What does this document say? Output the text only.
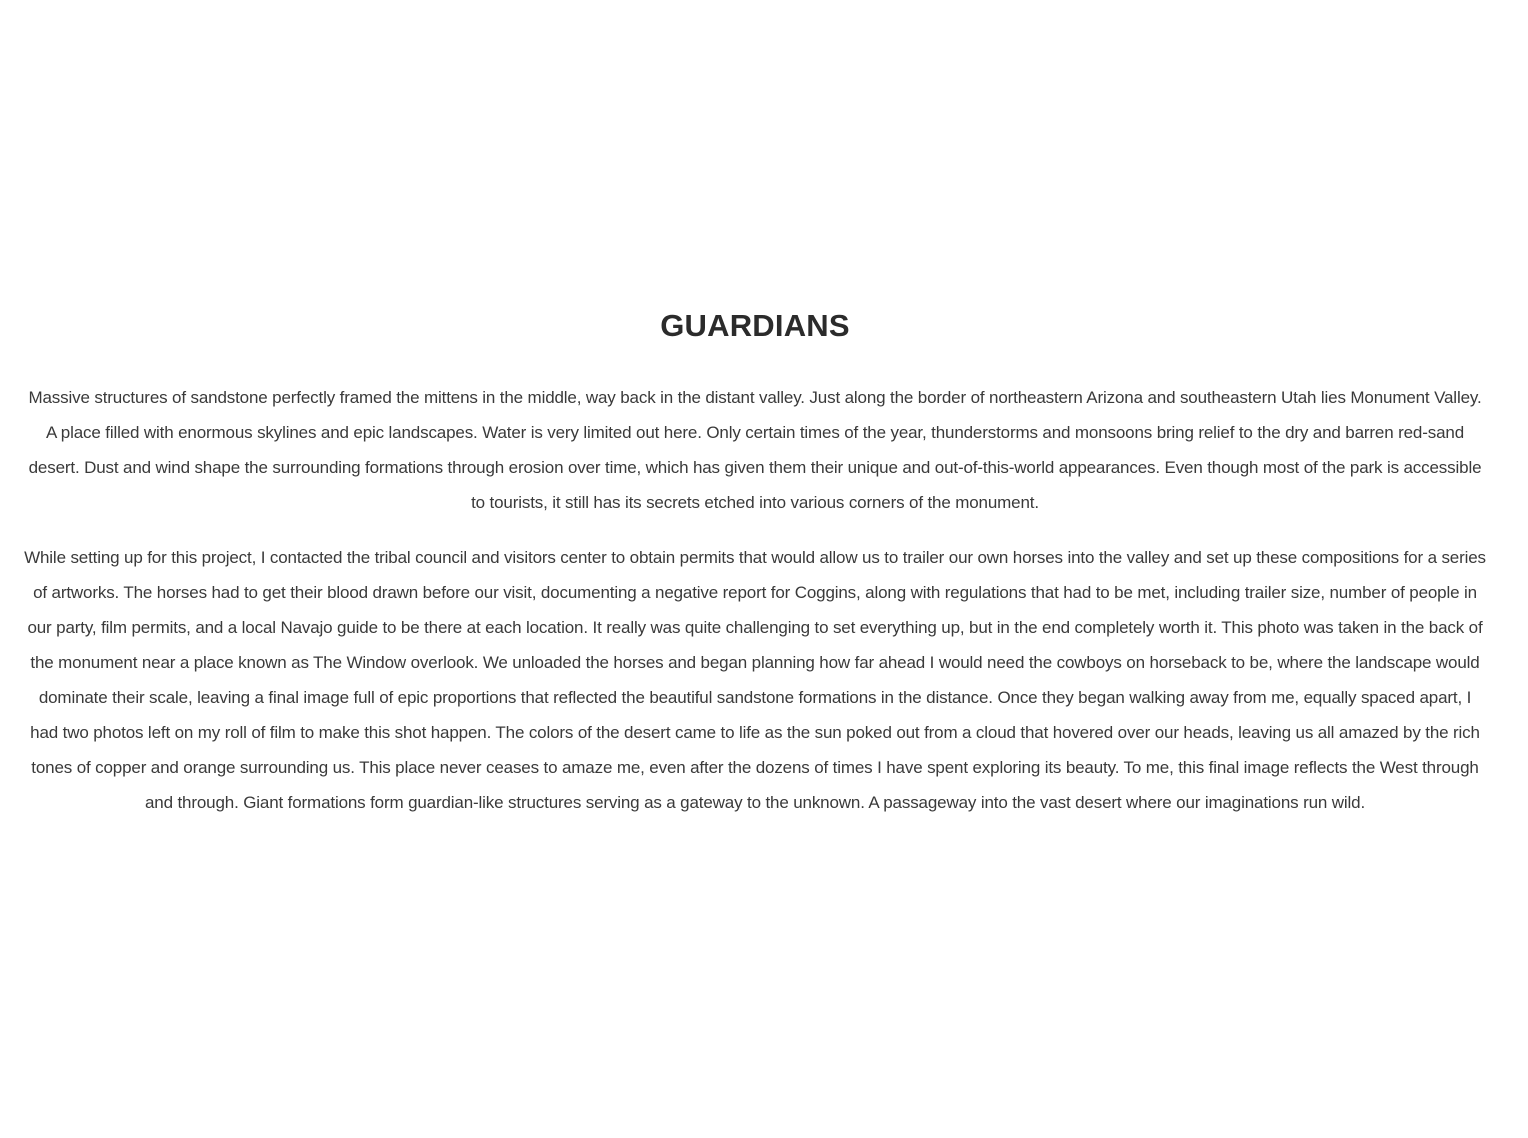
GUARDIANS

Massive structures of sandstone perfectly framed the mittens in the middle, way back in the distant valley. Just along the border of northeastern Arizona and southeastern Utah lies Monument Valley. A place filled with enormous skylines and epic landscapes. Water is very limited out here. Only certain times of the year, thunderstorms and monsoons bring relief to the dry and barren red-sand desert. Dust and wind shape the surrounding formations through erosion over time, which has given them their unique and out-of-this-world appearances. Even though most of the park is accessible to tourists, it still has its secrets etched into various corners of the monument.

While setting up for this project, I contacted the tribal council and visitors center to obtain permits that would allow us to trailer our own horses into the valley and set up these compositions for a series of artworks. The horses had to get their blood drawn before our visit, documenting a negative report for Coggins, along with regulations that had to be met, including trailer size, number of people in our party, film permits, and a local Navajo guide to be there at each location. It really was quite challenging to set everything up, but in the end completely worth it. This photo was taken in the back of the monument near a place known as The Window overlook. We unloaded the horses and began planning how far ahead I would need the cowboys on horseback to be, where the landscape would dominate their scale, leaving a final image full of epic proportions that reflected the beautiful sandstone formations in the distance. Once they began walking away from me, equally spaced apart, I had two photos left on my roll of film to make this shot happen. The colors of the desert came to life as the sun poked out from a cloud that hovered over our heads, leaving us all amazed by the rich tones of copper and orange surrounding us. This place never ceases to amaze me, even after the dozens of times I have spent exploring its beauty. To me, this final image reflects the West through and through. Giant formations form guardian-like structures serving as a gateway to the unknown. A passageway into the vast desert where our imaginations run wild.
